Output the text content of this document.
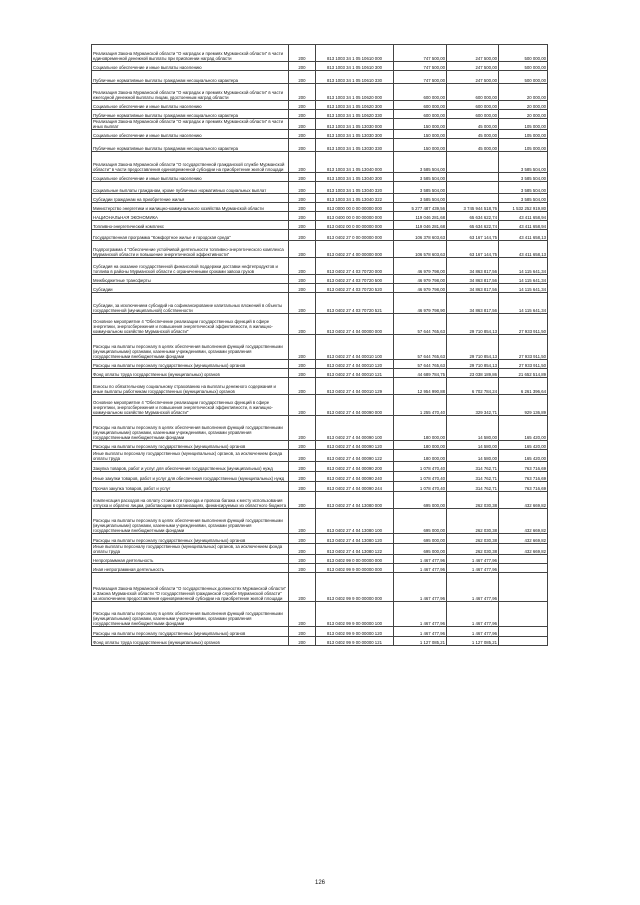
Реализация Закона Мурманской области "О наградах и премиях Мурманской области" в части единовременной денежной выплаты при присвоении наград области	200	813 1003 34 1 05 10610 000	747 500,00	247 500,00	500 000,00
Социальное обеспечение и иные выплаты населению	200	813 1003 34 1 05 10610 300	747 500,00	247 500,00	500 000,00
Публичные нормативные выплаты гражданам несоциального характера	200	813 1003 34 1 05 10610 330	747 500,00	247 500,00	500 000,00
Реализация Закона Мурманской области "О наградах и премиях Мурманской области" в части ежегодной денежной выплаты лицам, удостоенным наград области	200	813 1003 34 1 05 10620 000	600 000,00	600 000,00	20 000,00
Социальное обеспечение и иные выплаты населению	200	813 1003 34 1 05 10620 300	600 000,00	600 000,00	20 000,00
Публичные нормативные выплаты гражданам несоциального характера	200	813 1003 34 1 05 10620 330	600 000,00	600 000,00	20 000,00
Реализация Закона Мурманской области "О наградах и премиях Мурманской области" в части иных выплат	200	813 1003 34 1 05 13030 000	150 000,00	45 000,00	105 000,00
Социальное обеспечение и иные выплаты населению	200	813 1003 34 1 05 13030 300	150 000,00	45 000,00	105 000,00
Публичные нормативные выплаты гражданам несоциального характера	200	813 1003 34 1 05 13030 330	150 000,00	45 000,00	105 000,00
Реализация Закона Мурманской области "О государственной гражданской службе Мурманской области" в части предоставления единовременной субсидии на приобретение жилой площади	200	813 1003 34 1 05 13040 000	3 585 504,00		3 585 504,00
Социальное обеспечение и иные выплаты населению	200	813 1003 34 1 05 13040 300	3 585 504,00		3 585 504,00
Социальные выплаты гражданам, кроме публичных нормативных социальных выплат	200	813 1003 34 1 05 13040 320	3 585 504,00		3 585 504,00
Субсидии гражданам на приобретение жилья	200	813 1003 34 1 05 13040 322	3 585 504,00		3 585 504,00
Министерство энергетики и жилищно-коммунального хозяйства Мурманской области	200	813 0000 00 0 00 00000 000	5 277 487 439,56	3 745 944 518,76	1 532 252 919,80
НАЦИОНАЛЬНАЯ ЭКОНОМИКА	200	813 0400 00 0 00 00000 000	119 046 281,68	65 634 622,74	43 411 658,94
Топливно-энергетический комплекс	200	813 0402 00 0 00 00000 000	119 046 281,68	65 634 622,74	43 411 658,94
Государственная программа "Комфортное жилье и городская среда"	200	813 0402 27 0 00 00000 000	106 378 603,63	63 167 144,75	43 411 658,13
Подпрограмма 4 "Обеспечение устойчивой деятельности топливно-энергетического комплекса Мурманской области и повышение энергетической эффективности"	200	813 0402 27 4 00 00000 000	106 578 603,63	63 167 144,75	43 411 658,13
Субсидия на оказание государственной финансовой поддержки доставки нефтепродуктов и топлива в районы Мурманской области с ограниченными сроками завоза грузов	200	813 0402 27 4 03 70720 000	46 979 798,00	34 863 817,56	14 115 641,34
Межбюджетные трансферты	200	813 0402 27 4 03 70720 500	46 979 798,00	34 863 817,56	14 115 641,34
Субсидии	200	813 0402 27 4 03 70720 520	46 979 798,00	34 863 817,56	14 115 641,34
Субсидии, за исключением субсидий на софинансирование капитальных вложений в объекты государственной (муниципальной) собственности	200	813 0402 27 4 03 70720 521	46 979 798,90	34 863 817,56	14 115 641,34
Основное мероприятие 4 "Обеспечение реализации государственных функций в сфере энергетики, энергосбережения и повышения энергетической эффективности, в жилищно-коммунальном хозяйстве Мурманской области"	200	813 0402 27 4 04 00000 000	57 644 765,63	29 710 854,13	27 933 911,50
Расходы на выплаты персоналу в целях обеспечения выполнения функций государственными (муниципальными) органами, казенными учреждениями, органами управления государственными внебюджетными фондами	200	813 0402 27 4 04 00010 100	57 644 765,63	29 710 854,13	27 933 911,50
Расходы на выплаты персоналу государственных (муниципальных) органов	200	813 0402 27 4 04 00010 120	57 644 765,63	29 710 854,13	27 933 911,50
Фонд оплаты труда государственных (муниципальных) органов	200	813 0402 27 4 04 00010 121	44 689 784,75	23 038 189,86	21 652 514,89
Взносы по обязательному социальному страхованию на выплаты денежного содержания и иные выплаты работникам государственных (муниципальных) органов	200	813 0402 27 4 04 00010 129	12 954 990,88	6 702 784,24	6 261 396,64
Основное мероприятие 4 "Обеспечение реализации государственных функций в сфере энергетики, энергосбережения и повышения энергетической эффективности, в жилищно-коммунальном хозяйстве Мурманской области"	200	813 0402 27 4 04 00090 000	1 255 470,40	329 342,71	929 136,89
Расходы на выплаты персоналу в целях обеспечения выполнения функций государственными (муниципальными) органами, казенными учреждениями, органами управления государственными внебюджетными фондами	200	813 0402 27 4 04 00090 100	180 000,00	14 580,00	165 420,00
Расходы на выплаты персоналу государственных (муниципальных) органов	200	813 0402 27 4 04 00090 120	180 000,00	14 580,00	165 420,00
Иные выплаты персоналу государственных (муниципальных) органов, за исключением фонда оплаты труда	200	813 0402 27 4 04 00090 122	180 000,00	14 580,00	165 420,00
Закупка товаров, работ и услуг для обеспечения государственных (муниципальных) нужд	200	813 0402 27 4 04 00090 200	1 078 470,40	314 762,71	763 716,69
Иные закупки товаров, работ и услуг для обеспечения государственных (муниципальных) нужд	200	813 0402 27 4 04 00090 240	1 078 470,40	314 762,71	763 716,69
Прочая закупка товаров, работ и услуг	200	813 0402 27 4 04 00090 244	1 078 470,40	314 762,71	763 716,69
Компенсация расходов на оплату стоимости проезда и провоза багажа к месту использования отпуска и обратно лицам, работающим в организациях, финансируемых из областного бюджета	200	813 0402 27 4 04 13080 000	695 000,00	262 030,38	432 669,82
Расходы на выплаты персоналу в целях обеспечения выполнения функций государственными (муниципальными) органами, казенными учреждениями, органами управления государственными внебюджетными фондами	200	813 0402 27 4 04 13080 100	695 000,00	262 030,38	432 669,82
Расходы на выплаты персоналу государственных (муниципальных) органов	200	813 0402 27 4 04 13080 120	695 000,00	262 030,38	432 669,82
Иные выплаты персоналу государственных (муниципальных) органов, за исключением фонда оплаты труда	200	813 0402 27 4 04 13080 122	695 000,00	262 030,38	432 669,82
Непрограммная деятельность	200	813 0402 99 0 00 00000 000	1 467 477,96	1 467 477,96	
Иная непрограммная деятельность	200	813 0402 99 9 00 00000 000	1 467 477,96	1 467 477,96	
Реализация Закона Мурманской области "О государственных должностях Мурманской области" и Закона Мурманской области "О государственной гражданской службе Мурманской области" за исключением предоставления единовременной субсидии на приобретение жилой площади	200	813 0402 99 9 00 00000 000	1 467 477,96	1 467 477,96	
Расходы на выплаты персоналу в целях обеспечения выполнения функций государственными (муниципальными) органами, казенными учреждениями, органами управления государственными внебюджетными фондами	200	813 0402 99 9 00 00000 100	1 467 477,96	1 467 477,96	
Расходы на выплаты персоналу государственных (муниципальных) органов	200	813 0402 99 9 00 00000 120	1 467 477,96	1 467 477,96	
Фонд оплаты труда государственных (муниципальных) органов	200	813 0402 99 9 00 00000 121	1 127 085,21	1 127 085,21	
126
